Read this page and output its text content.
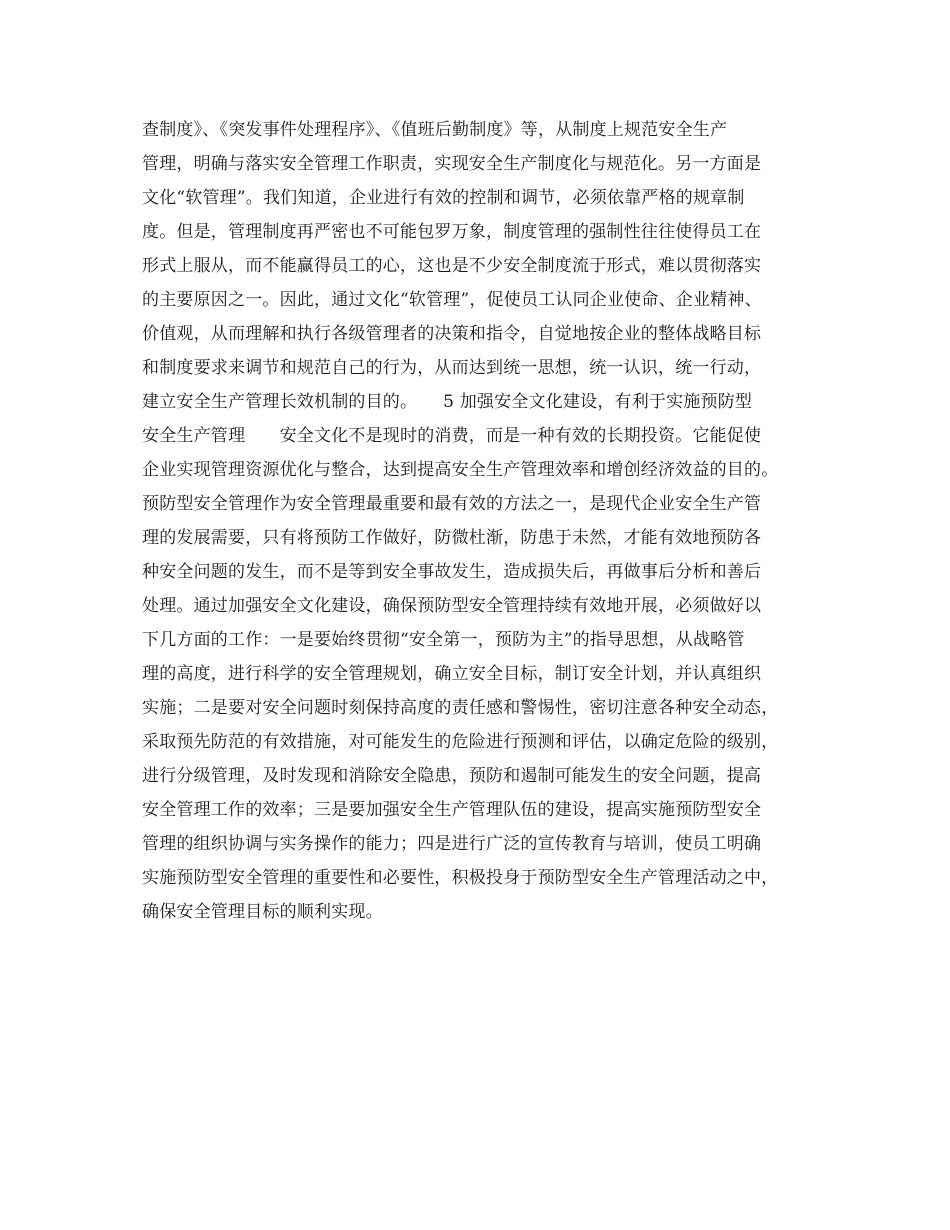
查制度》、《突发事件处理程序》、《值班后勤制度》等，从制度上规范安全生产
管理，明确与落实安全管理工作职责，实现安全生产制度化与规范化。另一方面是
文化“软管理”。我们知道，企业进行有效的控制和调节，必须依靠严格的规章制
度。但是，管理制度再严密也不可能包罗万象，制度管理的强制性往往使得员工在
形式上服从，而不能赢得员工的心，这也是不少安全制度流于形式，难以贯彻落实
的主要原因之一。因此，通过文化“软管理”，促使员工认同企业使命、企业精神、
价值观，从而理解和执行各级管理者的决策和指令，自觉地按企业的整体战略目标
和制度要求来调节和规范自己的行为，从而达到统一思想，统一认识，统一行动，
建立安全生产管理长效机制的目的。　　5 加强安全文化建设，有利于实施预防型
安全生产管理　　安全文化不是现时的消费，而是一种有效的长期投资。它能促使
企业实现管理资源优化与整合，达到提高安全生产管理效率和增创经济效益的目的。
预防型安全管理作为安全管理最重要和最有效的方法之一，是现代企业安全生产管
理的发展需要，只有将预防工作做好，防微杜渐，防患于未然，才能有效地预防各
种安全问题的发生，而不是等到安全事故发生，造成损失后，再做事后分析和善后
处理。通过加强安全文化建设，确保预防型安全管理持续有效地开展，必须做好以
下几方面的工作：一是要始终贯彻“安全第一，预防为主”的指导思想，从战略管
理的高度，进行科学的安全管理规划，确立安全目标，制订安全计划，并认真组织
实施；二是要对安全问题时刻保持高度的责任感和警惕性，密切注意各种安全动态，
采取预先防范的有效措施，对可能发生的危险进行预测和评估，以确定危险的级别，
进行分级管理，及时发现和消除安全隐患，预防和遏制可能发生的安全问题，提高
安全管理工作的效率；三是要加强安全生产管理队伍的建设，提高实施预防型安全
管理的组织协调与实务操作的能力；四是进行广泛的宣传教育与培训，使员工明确
实施预防型安全管理的重要性和必要性，积极投身于预防型安全生产管理活动之中，
确保安全管理目标的顺利实现。
